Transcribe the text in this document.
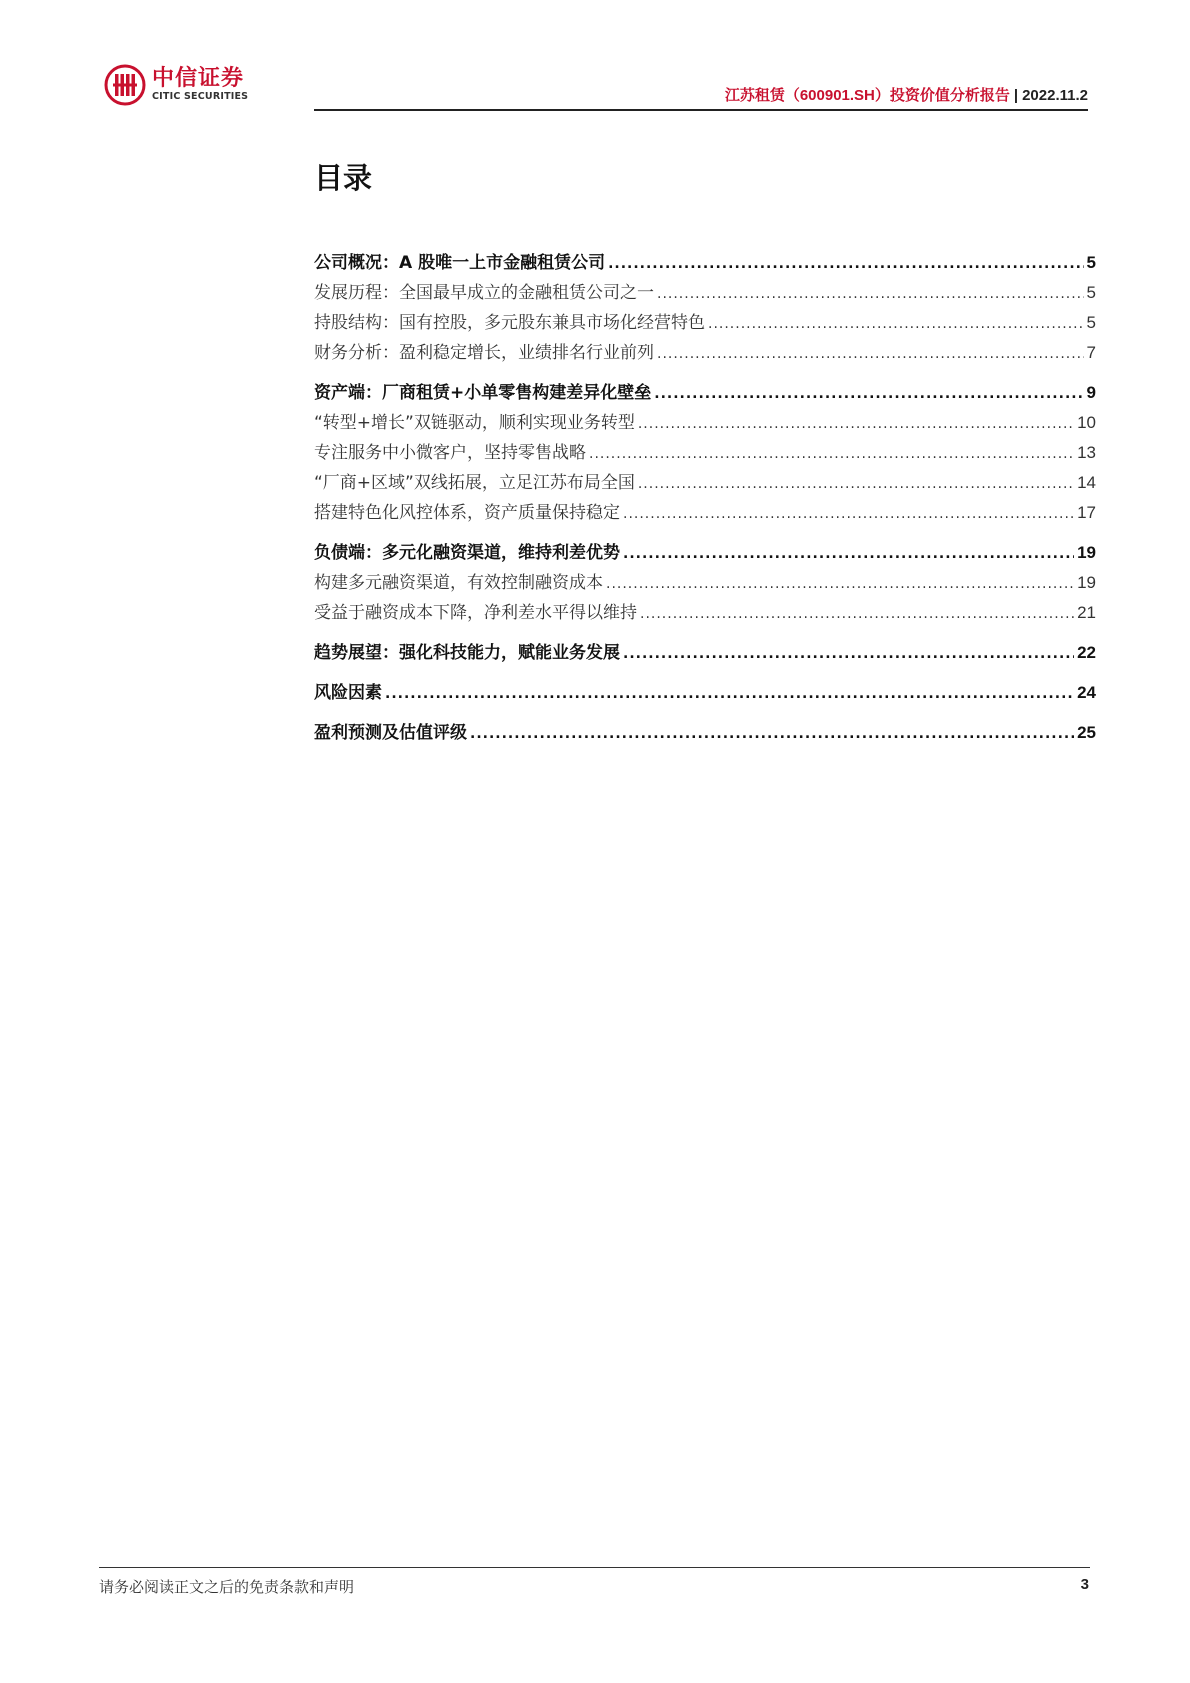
中信证券
CITIC SECURITIES	江苏租赁（600901.SH）投资价值分析报告 | 2022.11.2
目录
公司概况：A 股唯一上市金融租赁公司 .....	5
发展历程：全国最早成立的金融租赁公司之一 .....	5
持股结构：国有控股，多元股东兼具市场化经营特色 .....	5
财务分析：盈利稳定增长，业绩排名行业前列 .....	7
资产端：厂商租赁+小单零售构建差异化壁垒 .....	9
“转型+增长”双链驱动，顺利实现业务转型 .....	10
专注服务中小微客户，坚持零售战略 .....	13
“厂商+区域”双线拓展，立足江苏布局全国 .....	14
搭建特色化风控体系，资产质量保持稳定 .....	17
负债端：多元化融资渠道，维持利差优势 .....	19
构建多元融资渠道，有效控制融资成本 .....	19
受益于融资成本下降，净利差水平得以维持 .....	21
趋势展望：强化科技能力，赋能业务发展 .....	22
风险因素 .....	24
盈利预测及估值评级 .....	25
请务必阅读正文之后的免责条款和声明	3
